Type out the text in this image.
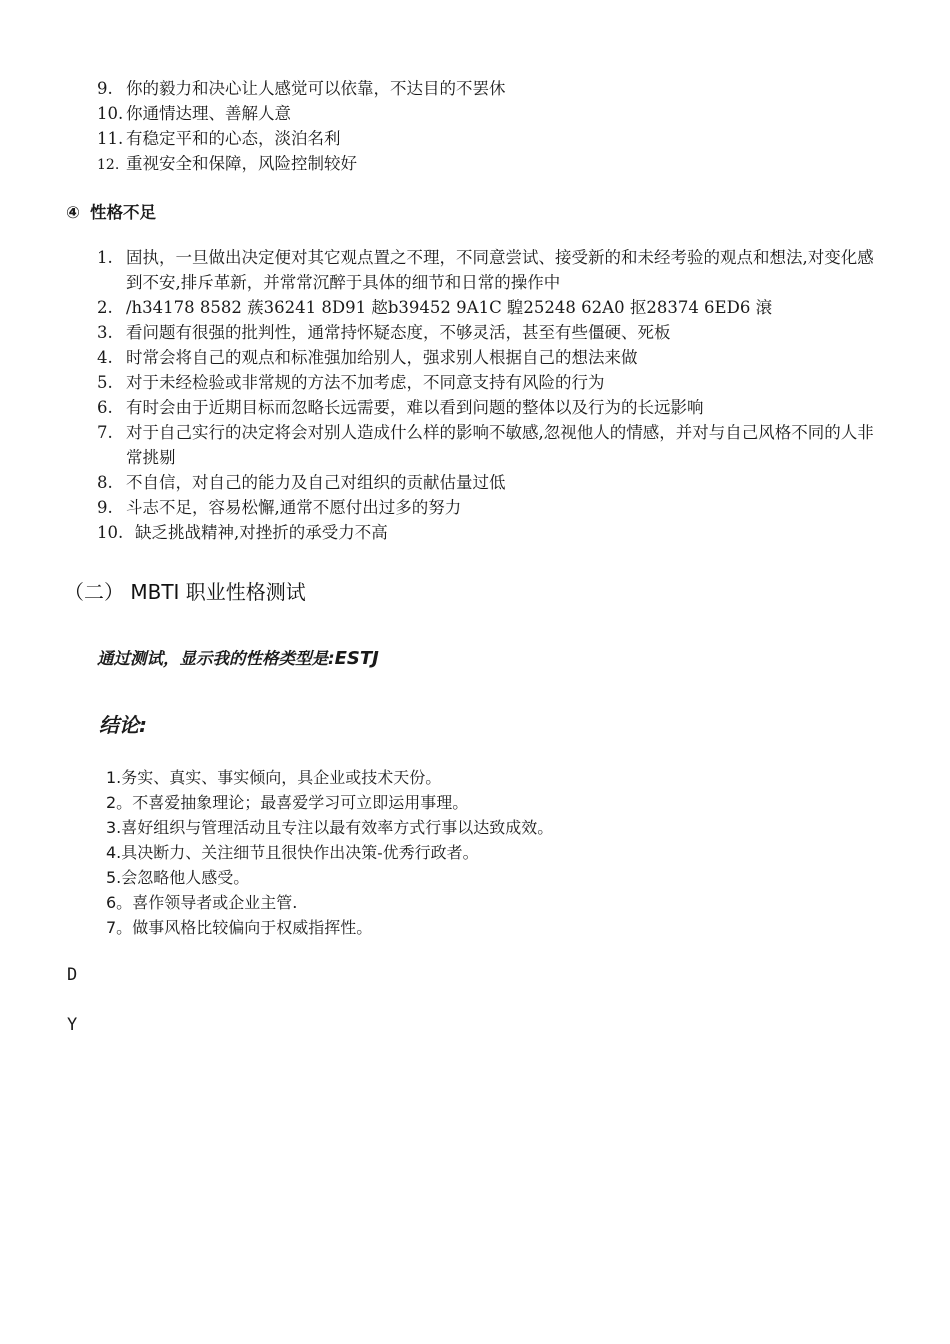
9. 你的毅力和决心让人感觉可以依靠，不达目的不罢休
10. 你通情达理、善解人意
11. 有稳定平和的心态，淡泊名利
12. 重视安全和保障，风险控制较好
④ 性格不足
1. 固执，一旦做出决定便对其它观点置之不理，不同意尝试、接受新的和未经考验的观点和想法,对变化感到不安,排斥革新，并常常沉醉于具体的细节和日常的操作中
2. /h34178 8582 蔟36241 8D91 趑b39452 9A1C 騜25248 62A0 抠28374 6ED6 滖
3. 看问题有很强的批判性，通常持怀疑态度，不够灵活，甚至有些僵硬、死板
4. 时常会将自己的观点和标准强加给别人，强求别人根据自己的想法来做
5. 对于未经检验或非常规的方法不加考虑，不同意支持有风险的行为
6. 有时会由于近期目标而忽略长远需要，难以看到问题的整体以及行为的长远影响
7. 对于自己实行的决定将会对别人造成什么样的影响不敏感,忽视他人的情感，并对与自己风格不同的人非常挑剔
8. 不自信，对自己的能力及自己对组织的贡献估量过低
9. 斗志不足，容易松懈,通常不愿付出过多的努力
10. 缺乏挑战精神,对挫折的承受力不高
（二） MBTI 职业性格测试
通过测试，显示我的性格类型是:ESTJ
结论:
1.务实、真实、事实倾向，具企业或技术天份。
2。不喜爱抽象理论；最喜爱学习可立即运用事理。
3.喜好组织与管理活动且专注以最有效率方式行事以达致成效。
4.具决断力、关注细节且很快作出决策-优秀行政者。
5.会忽略他人感受。
6。喜作领导者或企业主管.
7。做事风格比较偏向于权威指挥性。
D
Y
